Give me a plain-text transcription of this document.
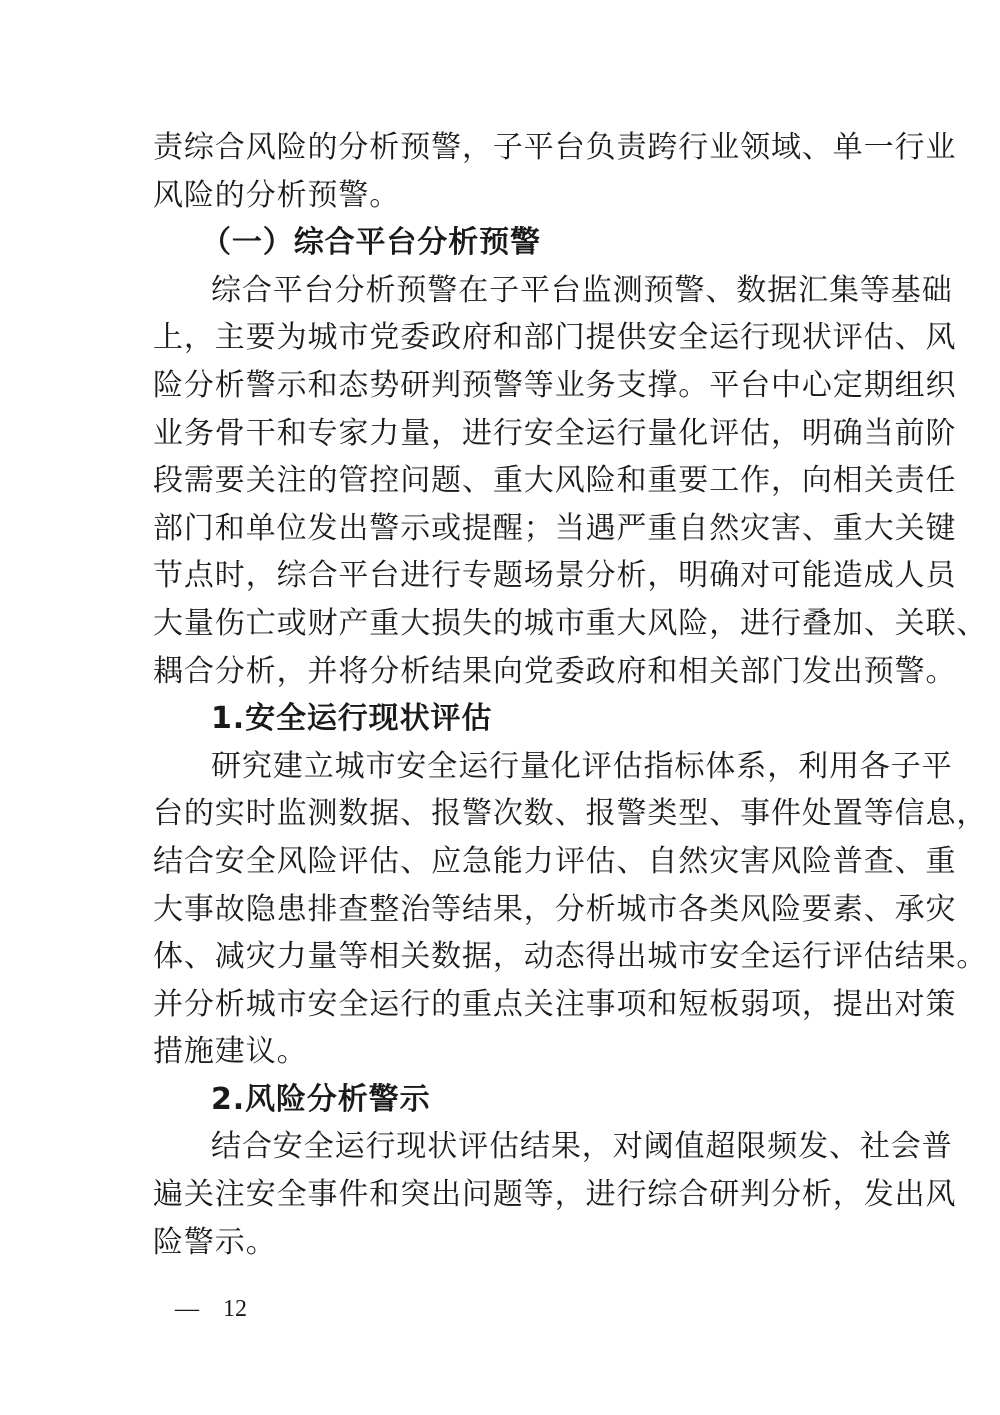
责综合风险的分析预警，子平台负责跨行业领域、单一行业
风险的分析预警。
（一）综合平台分析预警
综合平台分析预警在子平台监测预警、数据汇集等基础
上，主要为城市党委政府和部门提供安全运行现状评估、风
险分析警示和态势研判预警等业务支撑。平台中心定期组织
业务骨干和专家力量，进行安全运行量化评估，明确当前阶
段需要关注的管控问题、重大风险和重要工作，向相关责任
部门和单位发出警示或提醒；当遇严重自然灾害、重大关键
节点时，综合平台进行专题场景分析，明确对可能造成人员
大量伤亡或财产重大损失的城市重大风险，进行叠加、关联、
耦合分析，并将分析结果向党委政府和相关部门发出预警。
1.安全运行现状评估
研究建立城市安全运行量化评估指标体系，利用各子平
台的实时监测数据、报警次数、报警类型、事件处置等信息，
结合安全风险评估、应急能力评估、自然灾害风险普查、重
大事故隐患排查整治等结果，分析城市各类风险要素、承灾
体、减灾力量等相关数据，动态得出城市安全运行评估结果。
并分析城市安全运行的重点关注事项和短板弱项，提出对策
措施建议。
2.风险分析警示
结合安全运行现状评估结果，对阈值超限频发、社会普
遍关注安全事件和突出问题等，进行综合研判分析，发出风
险警示。
— 12
